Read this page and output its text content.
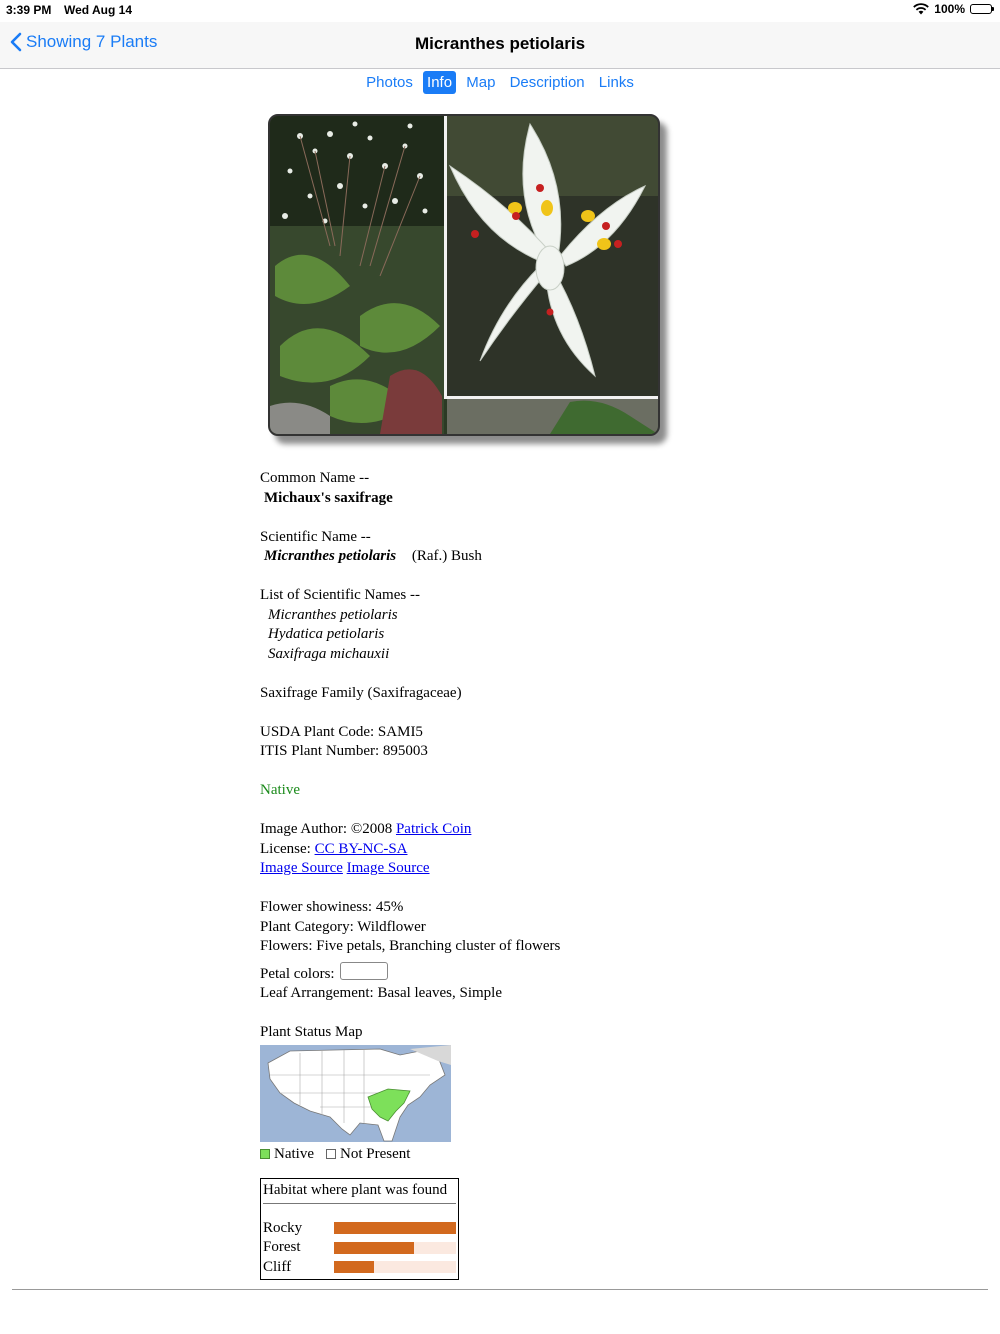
3:39 PM Wed Aug 14	100%
Showing 7 Plants	Micranthes petiolaris
Photos Info Map Description Links

Common Name --

Michaux's saxifrage

Scientific Name --

Micranthes petiolaris (Raf.) Bush

List of Scientific Names --

Micranthes petiolaris

Hydatica petiolaris

Saxifraga michauxii

Saxifrage Family (Saxifragaceae)

USDA Plant Code: SAMI5

ITIS Plant Number: 895003

Native

Image Author: ©2008 Patrick Coin

License: CC BY-NC-SA

Image Source Image Source

Flower showiness: 45%

Plant Category: Wildflower

Flowers: Five petals, Branching cluster of flowers

Petal colors:

Leaf Arrangement: Basal leaves, Simple

Plant Status Map

Native Not Present
Habitat where plant was found
Rocky
Forest
Cliff
